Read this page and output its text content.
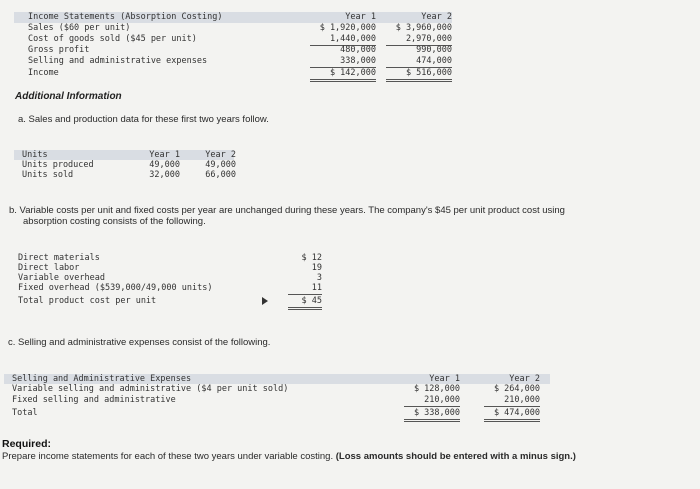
Income Statements (Absorption Costing)	Year 1	Year 2
Sales ($60 per unit)	$ 1,920,000	$ 3,960,000
Cost of goods sold ($45 per unit)	1,440,000	2,970,000
Gross profit	480,000	990,000
Selling and administrative expenses	338,000	474,000
Income	$ 142,000	$ 516,000
Additional Information
a. Sales and production data for these first two years follow.
Units	Year 1	Year 2
Units produced	49,000	49,000
Units sold	32,000	66,000
b. Variable costs per unit and fixed costs per year are unchanged during these years. The company's $45 per unit product cost using
absorption costing consists of the following.
Direct materials	$ 12
Direct labor	19
Variable overhead	3
Fixed overhead ($539,000/49,000 units)	11
Total product cost per unit	$ 45
c. Selling and administrative expenses consist of the following.
Selling and Administrative Expenses	Year 1	Year 2
Variable selling and administrative ($4 per unit sold)	$ 128,000	$ 264,000
Fixed selling and administrative	210,000	210,000
Total	$ 338,000	$ 474,000
Required:
Prepare income statements for each of these two years under variable costing. (Loss amounts should be entered with a minus sign.)
